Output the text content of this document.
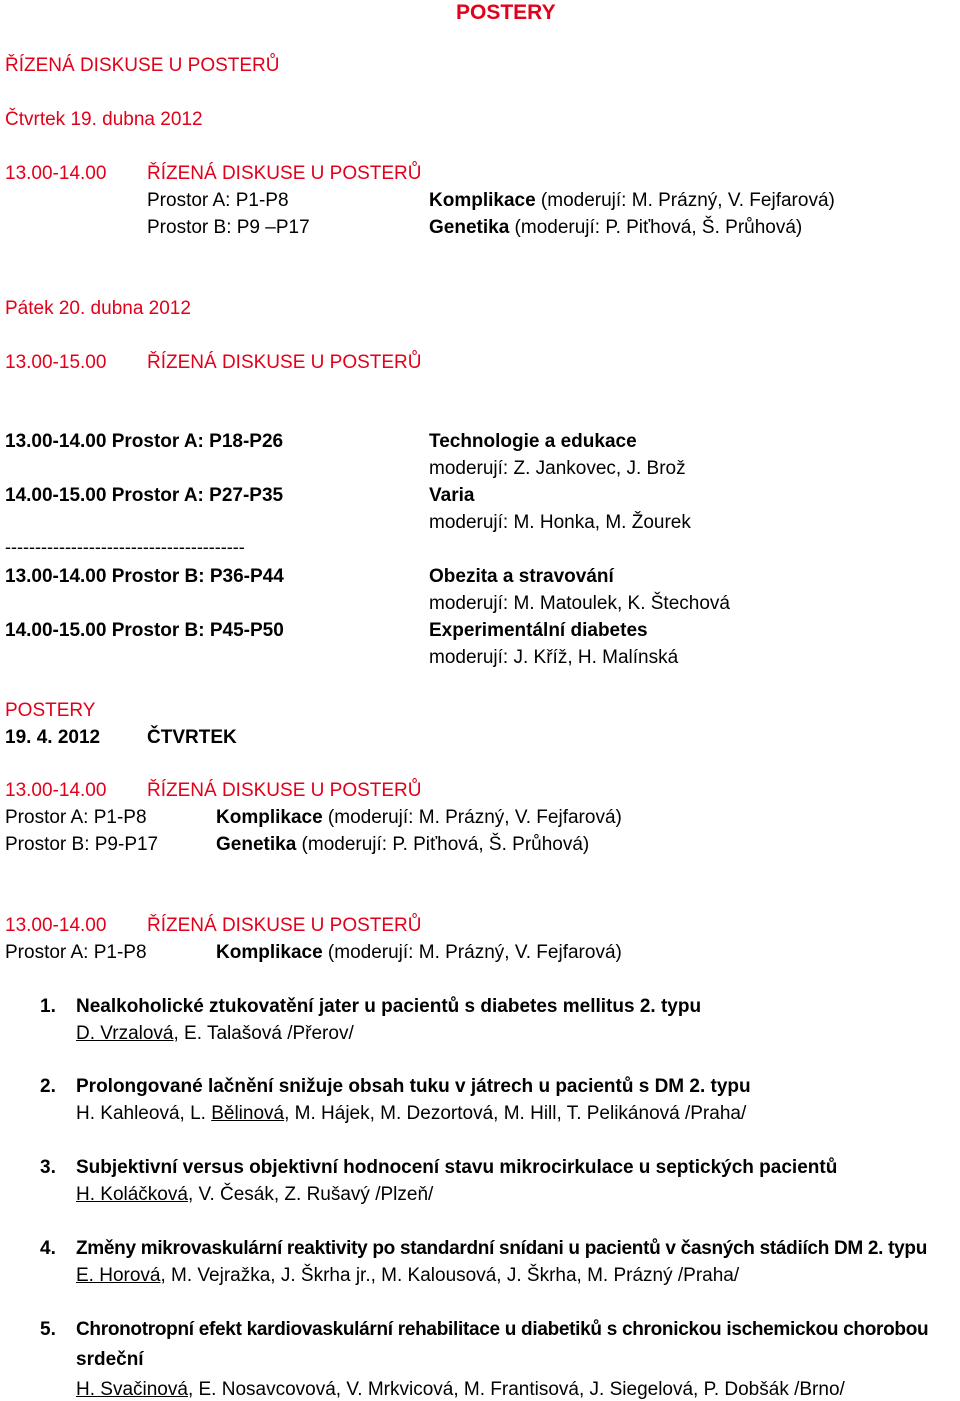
POSTERY
ŘÍZENÁ DISKUSE U POSTERŮ
Čtvrtek 19. dubna 2012
13.00-14.00 ŘÍZENÁ DISKUSE U POSTERŮ
Prostor A: P1-P8	Komplikace (moderují: M. Prázný, V. Fejfarová)
Prostor B: P9 –P17	Genetika (moderují: P. Piťhová, Š. Průhová)
Pátek 20. dubna 2012
13.00-15.00 ŘÍZENÁ DISKUSE U POSTERŮ
13.00-14.00 Prostor A: P18-P26	Technologie a edukace
moderují: Z. Jankovec, J. Brož
14.00-15.00 Prostor A: P27-P35	Varia
moderují: M. Honka, M. Žourek
----------------------------------------
13.00-14.00 Prostor B: P36-P44	Obezita a stravování
moderují: M. Matoulek, K. Štechová
14.00-15.00 Prostor B: P45-P50	Experimentální diabetes
moderují: J. Kříž, H. Malínská
POSTERY
19. 4. 2012 ČTVRTEK
13.00-14.00 ŘÍZENÁ DISKUSE U POSTERŮ
Prostor A: P1-P8	Komplikace (moderují: M. Prázný, V. Fejfarová)
Prostor B: P9-P17	Genetika (moderují: P. Piťhová, Š. Průhová)
13.00-14.00 ŘÍZENÁ DISKUSE U POSTERŮ
Prostor A: P1-P8	Komplikace (moderují: M. Prázný, V. Fejfarová)
1. Nealkoholické ztukovatění jater u pacientů s diabetes mellitus 2. typu
D. Vrzalová, E. Talašová /Přerov/
2. Prolongované lačnění snižuje obsah tuku v játrech u pacientů s DM 2. typu
H. Kahleová, L. Bělinová, M. Hájek, M. Dezortová, M. Hill, T. Pelikánová /Praha/
3. Subjektivní versus objektivní hodnocení stavu mikrocirkulace u septických pacientů
H. Koláčková, V. Česák, Z. Rušavý /Plzeň/
4. Změny mikrovaskulární reaktivity po standardní snídani u pacientů v časných stádiích DM 2. typu
E. Horová, M. Vejražka, J. Škrha jr., M. Kalousová, J. Škrha, M. Prázný /Praha/
5. Chronotropní efekt kardiovaskulární rehabilitace u diabetiků s chronickou ischemickou chorobou
srdeční
H. Svačinová, E. Nosavcovová, V. Mrkvicová, M. Frantisová, J. Siegelová, P. Dobšák /Brno/
